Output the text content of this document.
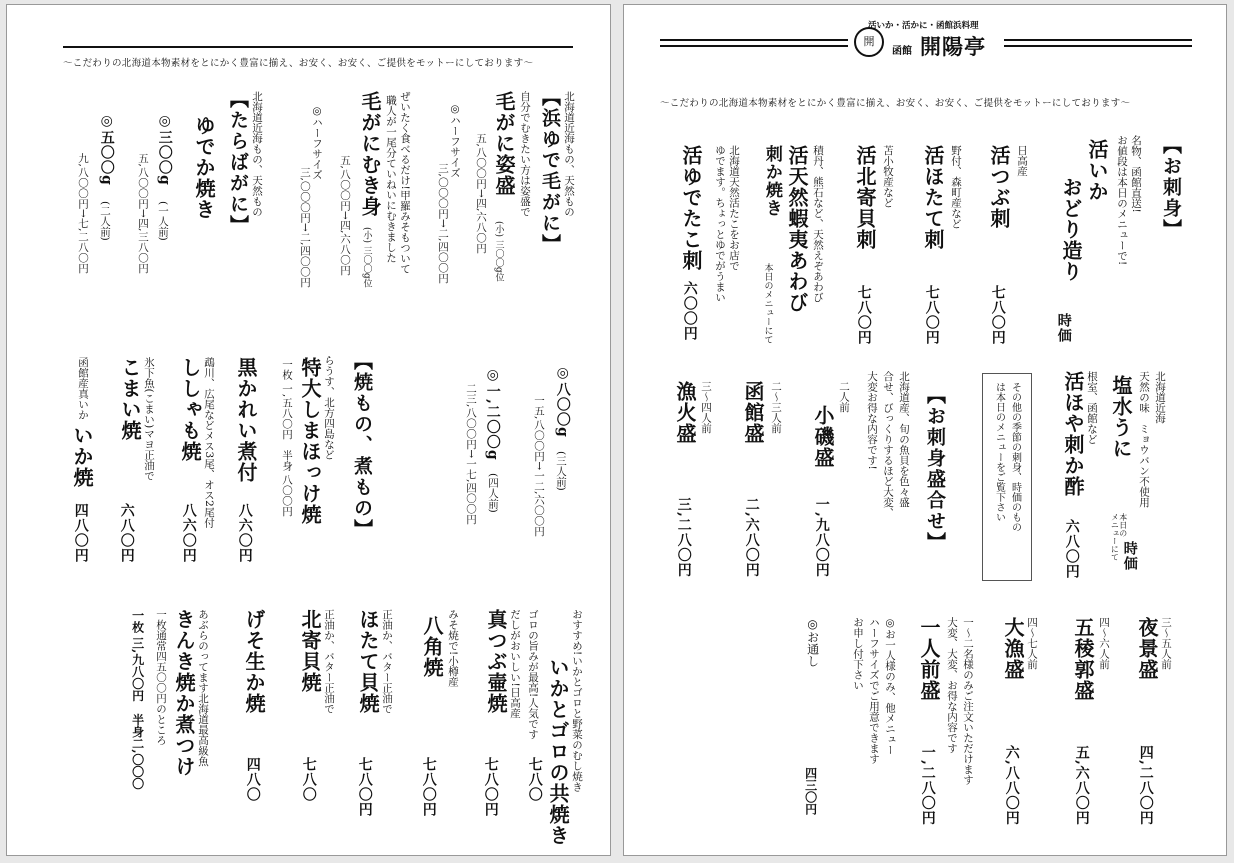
〜こだわりの北海道本物素材をとにかく豊富に揃え、お安く、お安く、ご提供をモットーにしております〜
北海道近海もの、天然もの
【浜ゆで毛がに】
自分でむきたい方は姿盛で
毛がに姿盛
(小) 三〇〇g位
五,八〇〇円→四,六八〇円
◎ハーフサイズ
三,〇〇〇円→二,四〇〇円
ぜいたく食べるだけ!甲羅みそもついて
職人が一尾分ていねいにむきました
毛がにむき身
(小) 三〇〇g位
五,八〇〇円→四,六八〇円
◎ハーフサイズ
三,〇〇〇円→二,四〇〇円
北海道近海もの、天然もの
【たらばがに】
ゆでか焼き
◎三〇〇g
(一人前)
五,八〇〇円→四,三八〇円
◎五〇〇g
(二人前)
九,八〇〇円→七,二八〇円
◎八〇〇g
(三人前)
一五,八〇〇円→一二,六〇〇円
◎一,二〇〇g
(四人前)
二三,八〇〇円→一七,四〇〇円
【焼もの、煮もの】
らうす、北方四島など
特大しまほっけ焼
一枚 一,五八〇円　半身 八〇〇円
黒かれい煮付
八六〇円
鵡川、広尾などメス3尾、オス2尾付
ししゃも焼
八六〇円
氷下魚(こまい)マヨ正油で
こまい焼
六八〇円
函館産真いか
いか焼
四八〇円
おすすめ!いかとゴロと野菜のむし焼き
いかとゴロの共焼き
ゴロの旨みが最高!人気です
七八〇
だしがおいしい!日高産
真つぶ壷焼
七八〇円
みそ焼で!小樽産
八角焼
七八〇円
正油か、バター正油で
ほたて貝焼
七八〇円
正油か、バター正油で
北寄貝焼
七八〇
げそ生か焼
四八〇
あぶらのってます北海道最高級魚
きんき焼か煮つけ
一枚通常四五〇〇円のところ
一枚 三,九八〇円　半身二,〇〇〇
活いか・活かに・函館浜料理
開
函館 開陽亭
〜こだわりの北海道本物素材をとにかく豊富に揃え、お安く、お安く、ご提供をモットーにしております〜
【お刺身】
名物、函館直送!
お値段は本日のメニューで!
活いか
おどり造り
時価
日高産
活つぶ刺
七八〇円
野付、森町産など
活ほたて刺
七八〇円
苫小牧産など
活北寄貝刺
七八〇円
積丹、熊石など、天然えぞあわび
活天然蝦夷あわび
刺か焼き
本日のメニューにて
北海道天然活たこをお店で
ゆでます。ちょっとゆでがうまい
活ゆでたこ刺
六〇〇円
北海道近海
天然の味　ミョウバン不使用
塩水うに
本日の
メニューにて 時価
根室、函館など
活ほや刺か酢
六八〇円
その他の季節の刺身、時価のもの
は本日のメニューをご覧下さい
【お刺身盛合せ】
北海道産、旬の魚貝を色々盛
合せ、びっくりするほど大変、
大変お得な内容です!
二人前
小磯盛
一,九八〇円
二〜三人前
函館盛
二,六八〇円
三〜四人前
漁火盛
三,二八〇円
三〜五人前
夜景盛
四,二八〇円
四〜六人前
五稜郭盛
五,六八〇円
四〜七人前
大漁盛
六,八八〇円
一〜二名様のみご注文いただけます
大変、大変、お得な内容です
一人前盛
一,二八〇円
◎お一人様のみ、他メニュー
ハーフサイズでご用意できます
お申し付下さい
◎お通し
四三〇円
